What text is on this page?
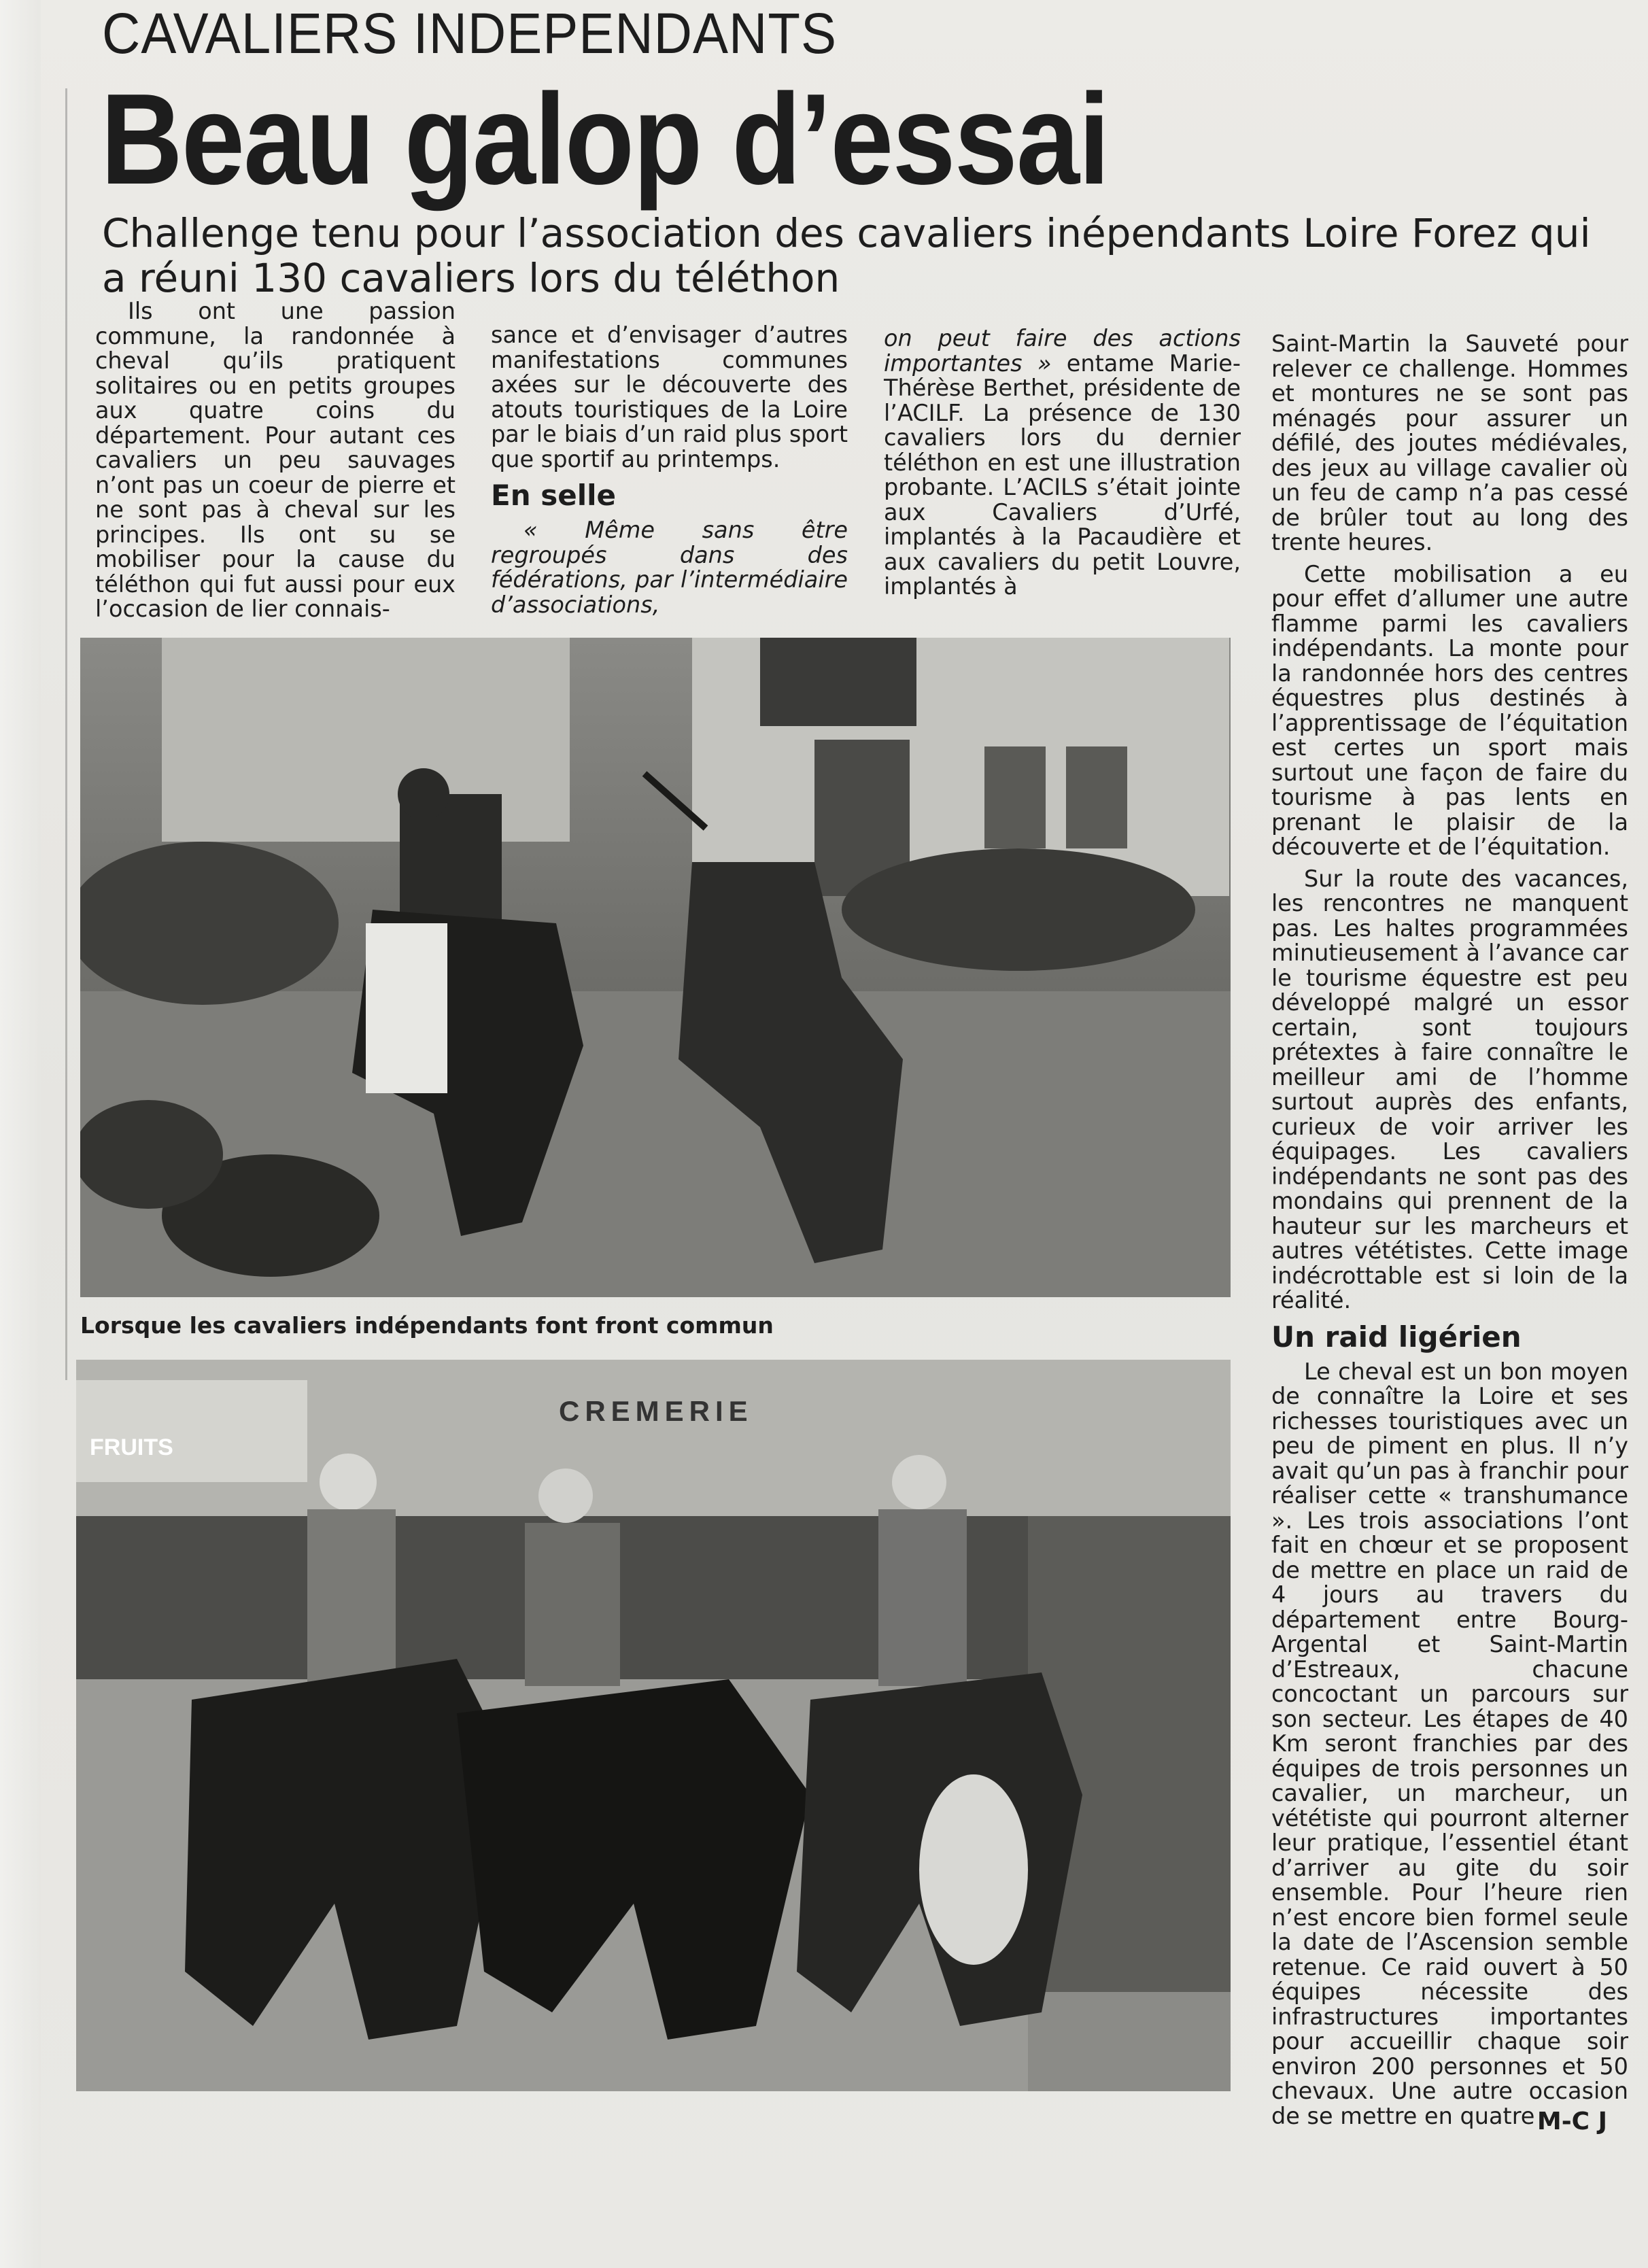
CAVALIERS INDEPENDANTS
Beau galop d’essai
Challenge tenu pour l’association des cavaliers inépendants Loire Forez qui a réuni 130 cavaliers lors du téléthon

Ils ont une passion commune, la randonnée à cheval qu’ils pratiquent solitaires ou en petits groupes aux quatre coins du département. Pour autant ces cavaliers un peu sauvages n’ont pas un coeur de pierre et ne sont pas à cheval sur les principes. Ils ont su se mobiliser pour la cause du téléthon qui fut aussi pour eux l’occasion de lier connais-

sance et d’envisager d’autres manifestations communes axées sur le découverte des atouts touristiques de la Loire par le biais d’un raid plus sport que sportif au printemps.

En selle

« Même sans être regroupés dans des fédérations, par l’intermédiaire d’associations,

on peut faire des actions importantes » entame Marie-Thérèse Berthet, présidente de l’ACILF. La présence de 130 cavaliers lors du dernier téléthon en est une illustration probante. L’ACILS s’était jointe aux Cavaliers d’Urfé, implantés à la Pacaudière et aux cavaliers du petit Louvre, implantés à

Saint-Martin la Sauveté pour relever ce challenge. Hommes et montures ne se sont pas ménagés pour assurer un défilé, des joutes médiévales, des jeux au village cavalier où un feu de camp n’a pas cessé de brûler tout au long des trente heures.

Cette mobilisation a eu pour effet d’allumer une autre flamme parmi les cavaliers indépendants. La monte pour la randonnée hors des centres équestres plus destinés à l’apprentissage de l’équitation est certes un sport mais surtout une façon de faire du tourisme à pas lents en prenant le plaisir de la découverte et de l’équitation.

Sur la route des vacances, les rencontres ne manquent pas. Les haltes programmées minutieusement à l’avance car le tourisme équestre est peu développé malgré un essor certain, sont toujours prétextes à faire connaître le meilleur ami de l’homme surtout auprès des enfants, curieux de voir arriver les équipages. Les cavaliers indépendants ne sont pas des mondains qui prennent de la hauteur sur les marcheurs et autres vététistes. Cette image indécrottable est si loin de la réalité.

Un raid ligérien

Le cheval est un bon moyen de connaître la Loire et ses richesses touristiques avec un peu de piment en plus. Il n’y avait qu’un pas à franchir pour réaliser cette « transhumance ». Les trois associations l’ont fait en chœur et se proposent de mettre en place un raid de 4 jours au travers du département entre Bourg-Argental et Saint-Martin d’Estreaux, chacune concoctant un parcours sur son secteur. Les étapes de 40 Km seront franchies par des équipes de trois personnes un cavalier, un marcheur, un vététiste qui pourront alterner leur pratique, l’essentiel étant d’arriver au gite du soir ensemble. Pour l’heure rien n’est encore bien formel seule la date de l’Ascension semble retenue. Ce raid ouvert à 50 équipes nécessite des infrastructures importantes pour accueillir chaque soir environ 200 personnes et 50 chevaux. Une autre occasion de se mettre en quatre

Lorsque les cavaliers indépendants font front commun
FRUITS
CREMERIE
M-C J
